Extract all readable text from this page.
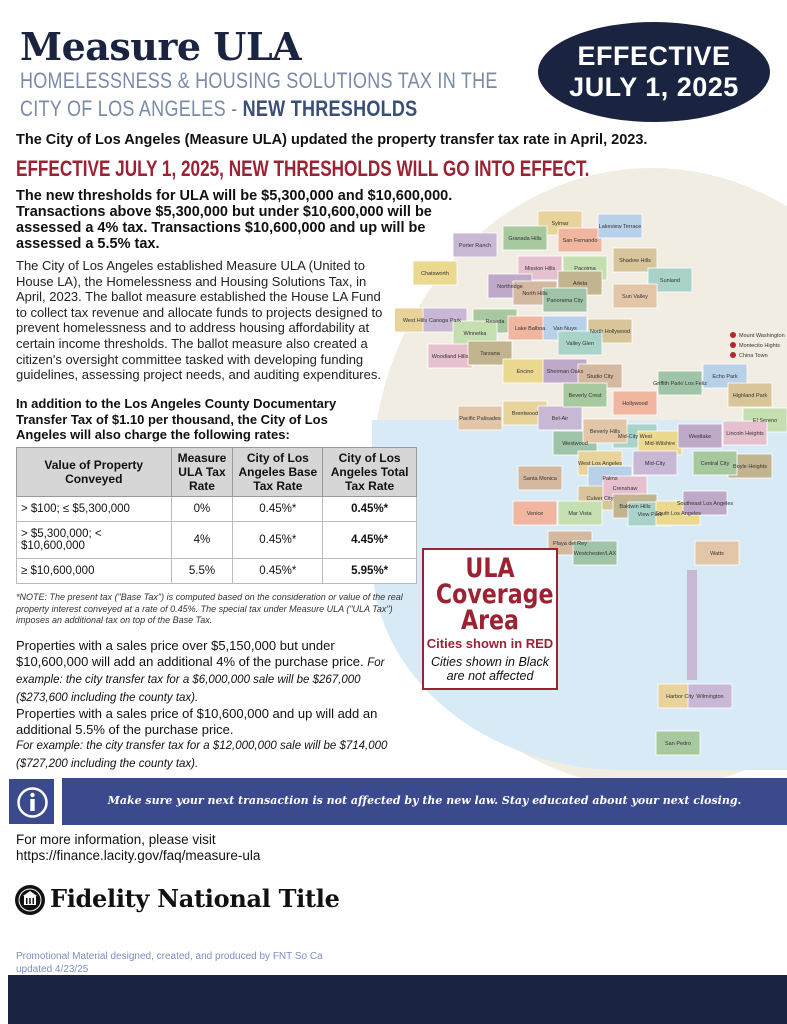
Sylmar
Porter Ranch
Granada Hills	San Fernando
Lakeview Terrace
Shadow Hills
Pacoima
Mission Hills
Arleta	Sunland
Chatsworth
Northridge
North Hills
Panorama City
Sun Valley
West Hills Canoga Park	Reseda
Lake Balboa Van Nuys North Hollywood
Winnetka
Woodland Hills Tarzana
Valley Glen
Encino Sherman Oaks
Studio City
Griffith Park/ Los Feliz
Pacific Palisades
Brentwood
Bel-Air
Beverly Crest
Hollywood
Echo Park
Highland Park
El Sereno
Lincoln Heights
Boyle Heights
Mid-City West
Mid-Wilshire
Westlake
Santa Monica
Westwood
Beverly Hills
West Los Angeles	Mid-City	Central City
Venice
Palms
Culver City
Mar Vista
Crenshaw
Baldwin Hills
View Park
South Los Angeles
Southeast Los Angeles
Playa del Rey
Westchester/LAX	Watts
Harbor City Wilmington
San Pedro
Mount Washington
Montecito Hights
China Town
Measure ULA
HOMELESSNESS & HOUSING SOLUTIONS TAX IN THE
CITY OF LOS ANGELES - NEW THRESHOLDS
EFFECTIVE
JULY 1, 2025
The City of Los Angeles (Measure ULA) updated the property transfer tax rate in April, 2023.
EFFECTIVE JULY 1, 2025, NEW THRESHOLDS WILL GO INTO EFFECT.
The new thresholds for ULA will be $5,300,000 and $10,600,000. Transactions above $5,300,000 but under $10,600,000 will be assessed a 4% tax. Transactions $10,600,000 and up will be assessed a 5.5% tax.
The City of Los Angeles established Measure ULA (United to House LA), the Homelessness and Housing Solutions Tax, in April, 2023. The ballot measure established the House LA Fund to collect tax revenue and allocate funds to projects designed to prevent homelessness and to address housing affordability at certain income thresholds. The ballot measure also created a citizen's oversight committee tasked with developing funding guidelines, assessing project needs, and auditing expenditures.
In addition to the Los Angeles County Documentary Transfer Tax of $1.10 per thousand, the City of Los Angeles will also charge the following rates:
Value of Property Conveyed	Measure ULA Tax Rate	City of Los Angeles Base Tax Rate	City of Los Angeles Total Tax Rate
> $100; ≤ $5,300,000	0%	0.45%*	0.45%*
> $5,300,000; < $10,600,000	4%	0.45%*	4.45%*
≥ $10,600,000	5.5%	0.45%*	5.95%*
*NOTE: The present tax ("Base Tax") is computed based on the consideration or value of the real property interest conveyed at a rate of 0.45%. The special tax under Measure ULA ("ULA Tax") imposes an additional tax on top of the Base Tax.
Properties with a sales price over $5,150,000 but under $10,600,000 will add an additional 4% of the purchase price. For example: the city transfer tax for a $6,000,000 sale will be $267,000 ($273,600 including the county tax).
Properties with a sales price of $10,600,000 and up will add an additional 5.5% of the purchase price.
For example: the city transfer tax for a $12,000,000 sale will be $714,000 ($727,200 including the county tax).
ULA
Coverage
Area
Cities shown in RED
Cities shown in Black are not affected
Make sure your next transaction is not affected by the new law. Stay educated about your next closing.
For more information, please visit
https://finance.lacity.gov/faq/measure-ula
Fidelity National Title
Promotional Material designed, created, and produced by FNT So Ca
updated 4/23/25
